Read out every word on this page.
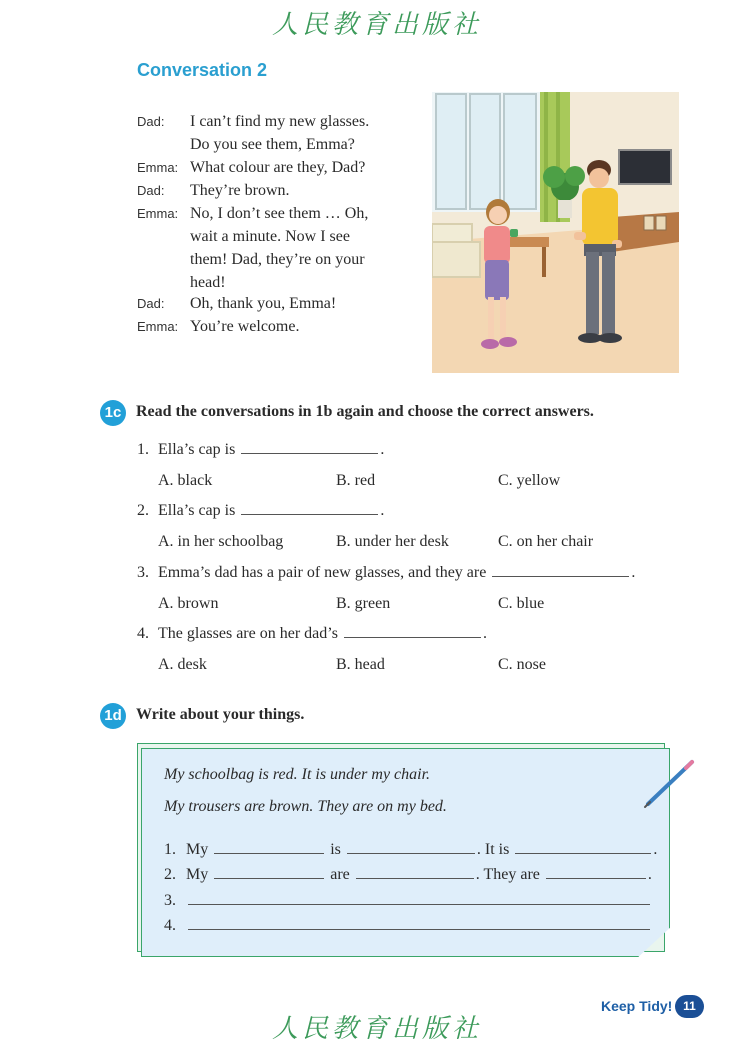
人民教育出版社
Conversation 2
Dad: I can’t find my new glasses.
Do you see them, Emma?
Emma: What colour are they, Dad?
Dad: They’re brown.
Emma: No, I don’t see them … Oh,
wait a minute. Now I see
them! Dad, they’re on your
head!
Dad: Oh, thank you, Emma!
Emma: You’re welcome.
1c Read the conversations in 1b again and choose the correct answers.
1. Ella’s cap is	.
A. black	B. red	C. yellow
2. Ella’s cap is	.
A. in her schoolbag	B. under her desk	C. on her chair
3. Emma’s dad has a pair of new glasses, and they are	.
A. brown	B. green	C. blue
4. The glasses are on her dad’s	.
A. desk	B. head	C. nose
1d Write about your things.
My schoolbag is red. It is under my chair.
My trousers are brown. They are on my bed.
1. My	is	. It is	.
2. My	are	. They are	.
3.
4.
Keep Tidy! 11
人民教育出版社
